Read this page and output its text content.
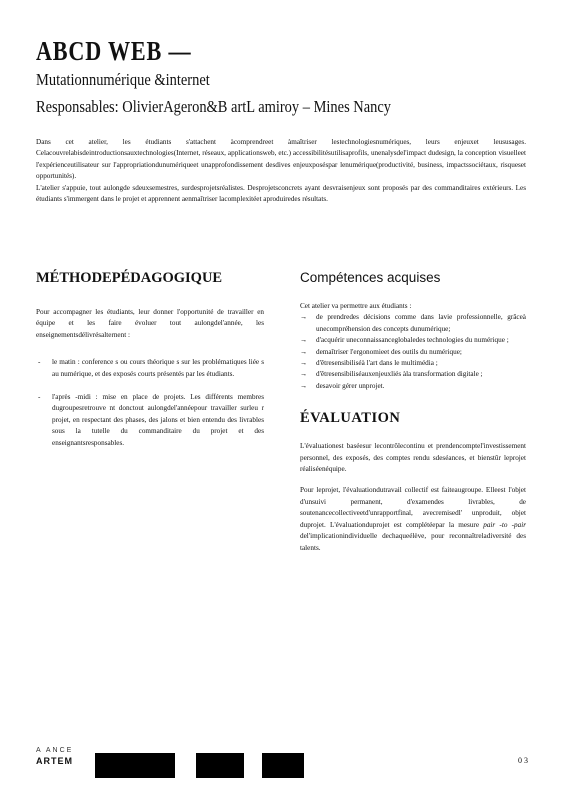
ABCD WEB —
Mutationnumérique &internet
Responsables: OlivierAgeron&B artL amiroy – Mines Nancy

Dans cet atelier, les étudiants s'attachent àcomprendreet àmaîtriser lestechnologiesnumériques, leurs enjeuxet leususages. Celacouvrelabisdeintroductionsauxtechnologies(Internet, réseaux, applicationsweb, etc.) accessibilitésutilisaprofils, unenalysdel'impact dudesign, la conception visuelleet l'expérienceutilisateur sur l'appropriationdunumériqueet unapprofondissement desdives enjeuxposéspar lenumérique(productivité, business, impactssociétaux, risqueset opportunités).

L'atelier s'appuie, tout aulongde sdeuxsemestres, surdesprojetsréalistes. Desprojetsconcrets ayant desvraisenjeux sont proposés par des commanditaires extérieurs. Les étudiants s'immergent dans le projet et apprennent aenmaîtriser lacomplexitéet aproduiredes résultats.

MÉTHODEPÉDAGOGIQUE

Pour accompagner les étudiants, leur donner l'opportunité de travailler en équipe et les faire évoluer tout aulongdel'année, les enseignementsdélivrésalternent :

- le matin : conference s ou cours théorique s sur les problématiques liée s au numérique, et des exposés courts présentés par les étudiants.
- l'après -midi : mise en place de projets. Les différents membres dugroupesretrouve nt donctout aulongdel'annéepour travailler surleu r projet, en respectant des phases, des jalons et bien entendu des livrables sous la tutelle du commanditaire du projet et des enseignantsresponsables.
Compétences acquises

Cet atelier va permettre aux étudiants :

→ de prendredes décisions comme dans lavie professionnelle, grâceà unecompréhension des concepts dunumérique;
→ d'acquérir uneconnaissanceglobaledes technologies du numérique ;
→ demaîtriser l'ergonomieet des outils du numérique;
→ d'êtresensibiliséà l'art dans le multimédia ;
→ d'êtresensibiliséauxenjeuxliés àla transformation digitale ;
→ desavoir gérer unprojet.
ÉVALUATION

L'évaluationest baséesur lecontrôlecontinu et prendencomptel'investissement personnel, des exposés, des comptes rendu sdeséances, et bienstûr leprojet réaliséenéquipe.

Pour leprojet, l'évaluationdutravail collectif est faiteaugroupe. Elleest l'objet d'unsuivi permanent, d'examendes livrables, de soutenancecollectiveetd'unrapportfinal, avecremisedl' unproduit, objet duprojet. L'évaluationduprojet est complétéepar la mesure pair -to -pair del'implicationindividuelle dechaqueélève, pour reconnaîtreladiversité des talents.

A ANCE
ARTEM	03
